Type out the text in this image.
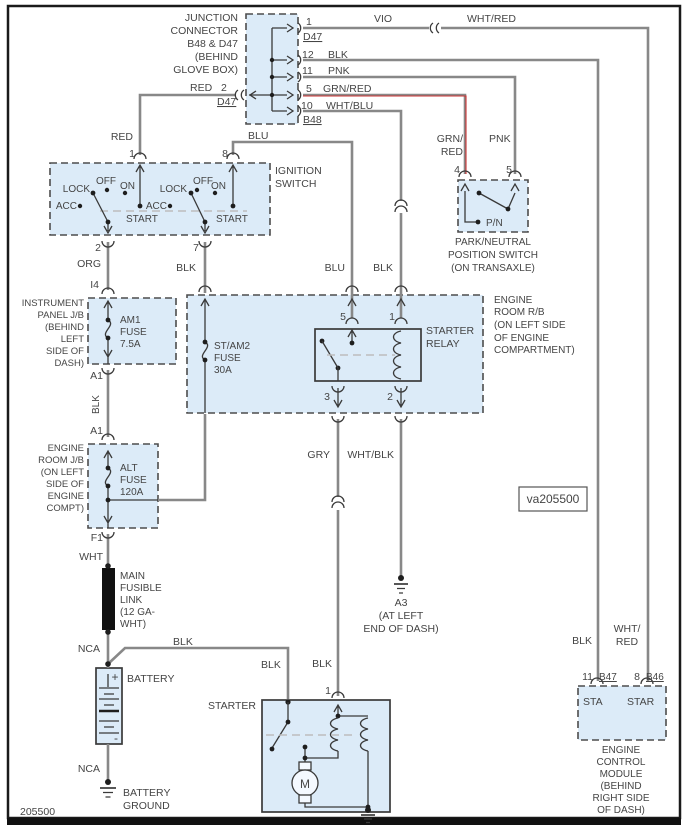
JUNCTION
CONNECTOR
B48 & D47
(BEHIND
GLOVE BOX)
1
D47
12 BLK
11 PNK
5 GRN/RED
10 WHT/BLU
B48
VIO	WHT/RED
RED 2
D47
RED
IGNITION
SWITCH
LOCK
OFF ON
ACC
START
LOCK
OFF
ON
ACC
START
1	8
2	7
BLU
ORG
I4
BLK	BLU	BLK
INSTRUMENT
PANEL J/B
(BEHIND
LEFT
SIDE OF
DASH)
AM1
FUSE
7.5A
A1
BLK
A1
ENGINE
ROOM J/B
(ON LEFT
SIDE OF
ENGINE
COMPT)
ALT
FUSE
120A
F1
WHT
MAIN
FUSIBLE
LINK
(12 GA-
WHT)
NCA
NCA
BATTERY
+
-
BLK
BLK
BATTERY
GROUND
ENGINE
ROOM R/B
(ON LEFT SIDE
OF ENGINE
COMPARTMENT)
ST/AM2
FUSE
30A
STARTER
RELAY
5	1
3	2
GRY WHT/BLK
BLK
1
A3
(AT LEFT
END OF DASH)
va205500
4	5
GRN/
RED
PNK
P/N
PARK/NEUTRAL
POSITION SWITCH
(ON TRANSAXLE)
STARTER
M
11 B47 8 B46
STA STAR
BLK
WHT/
RED
ENGINE
CONTROL
MODULE
(BEHIND
RIGHT SIDE
OF DASH)
205500
